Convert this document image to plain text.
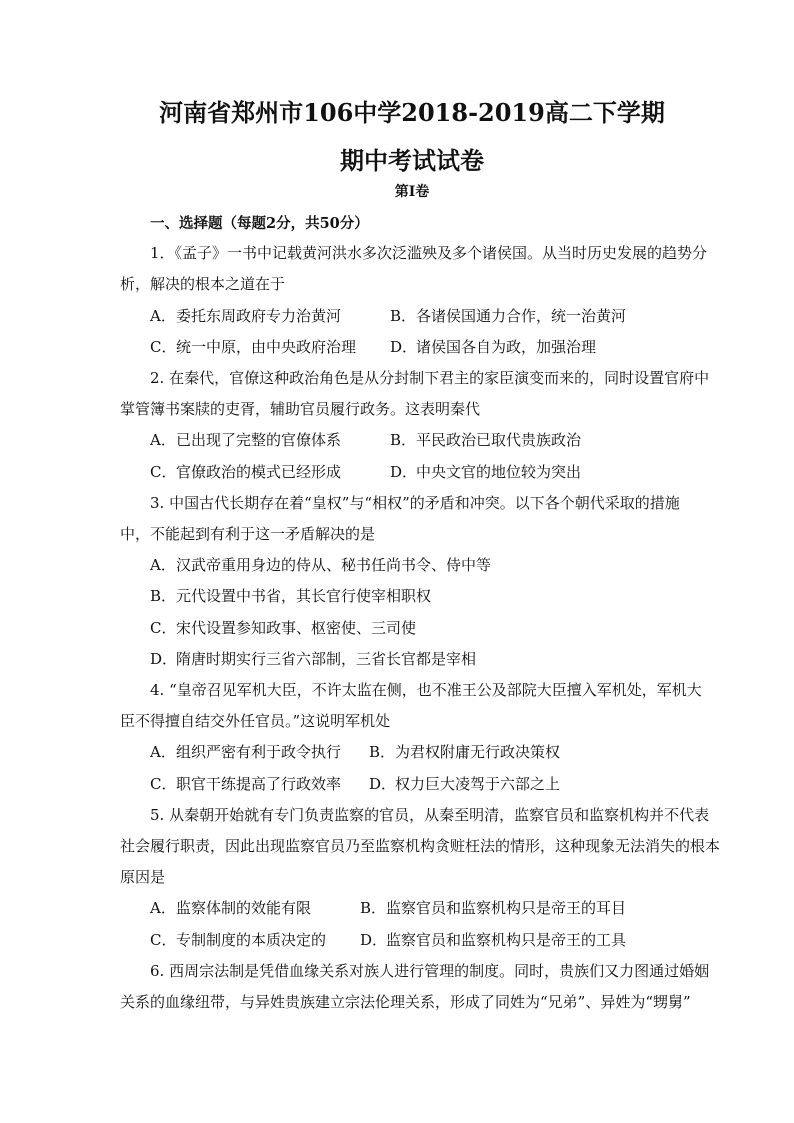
河南省郑州市106中学2018-2019高二下学期
期中考试试卷
第Ⅰ卷
一、选择题（每题2分，共50分）
1．《孟子》一书中记载黄河洪水多次泛滥殃及多个诸侯国。从当时历史发展的趋势分
析，解决的根本之道在于
A．委托东周政府专力治黄河	B．各诸侯国通力合作，统一治黄河
C．统一中原，由中央政府治理 D．诸侯国各自为政，加强治理
2. 在秦代，官僚这种政治角色是从分封制下君主的家臣演变而来的，同时设置官府中
掌管簿书案牍的吏胥，辅助官员履行政务。这表明秦代
A．已出现了完整的官僚体系	B．平民政治已取代贵族政治
C．官僚政治的模式已经形成	D．中央文官的地位较为突出
3. 中国古代长期存在着“皇权”与“相权”的矛盾和冲突。以下各个朝代采取的措施
中，不能起到有利于这一矛盾解决的是
A．汉武帝重用身边的侍从、秘书任尚书令、侍中等
B．元代设置中书省，其长官行使宰相职权
C．宋代设置参知政事、枢密使、三司使
D．隋唐时期实行三省六部制，三省长官都是宰相
4. “皇帝召见军机大臣，不许太监在侧，也不准王公及部院大臣擅入军机处，军机大
臣不得擅自结交外任官员。”这说明军机处
A．组织严密有利于政令执行 B．为君权附庸无行政决策权
C．职官干练提高了行政效率 D．权力巨大凌驾于六部之上
5. 从秦朝开始就有专门负责监察的官员，从秦至明清，监察官员和监察机构并不代表
社会履行职责，因此出现监察官员乃至监察机构贪赃枉法的情形，这种现象无法消失的根本
原因是
A．监察体制的效能有限	B．监察官员和监察机构只是帝王的耳目
C．专制制度的本质决定的 D．监察官员和监察机构只是帝王的工具
6. 西周宗法制是凭借血缘关系对族人进行管理的制度。同时，贵族们又力图通过婚姻
关系的血缘纽带，与异姓贵族建立宗法伦理关系，形成了同姓为“兄弟”、异姓为“甥舅”
